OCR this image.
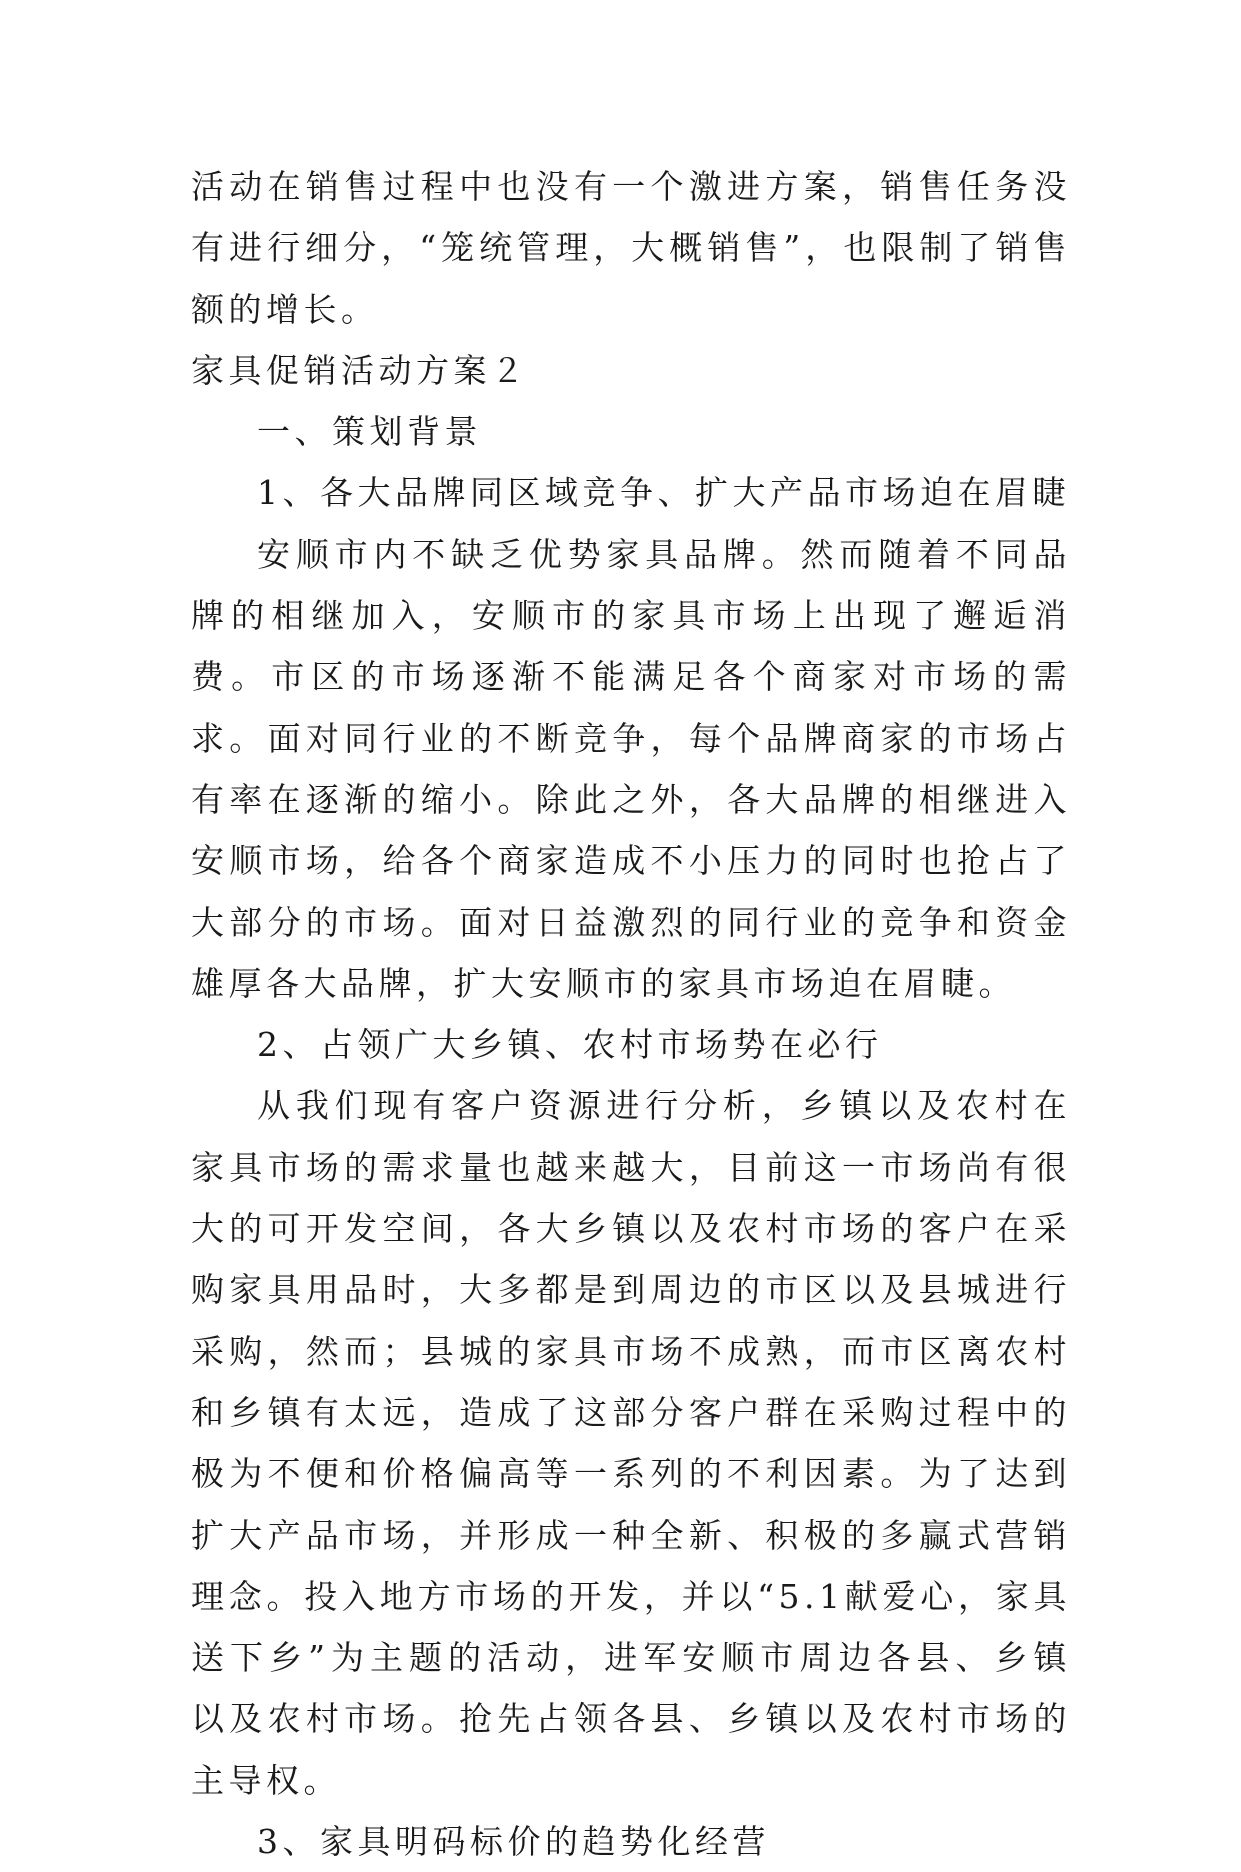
活动在销售过程中也没有一个激进方案，销售任务没有进行细分，“笼统管理，大概销售”，也限制了销售额的增长。

家具促销活动方案２

一、策划背景

1、各大品牌同区域竞争、扩大产品市场迫在眉睫

安顺市内不缺乏优势家具品牌。然而随着不同品牌的相继加入，安顺市的家具市场上出现了邂逅消费。市区的市场逐渐不能满足各个商家对市场的需求。面对同行业的不断竞争，每个品牌商家的市场占有率在逐渐的缩小。除此之外，各大品牌的相继进入安顺市场，给各个商家造成不小压力的同时也抢占了大部分的市场。面对日益激烈的同行业的竞争和资金雄厚各大品牌，扩大安顺市的家具市场迫在眉睫。

2、占领广大乡镇、农村市场势在必行

从我们现有客户资源进行分析，乡镇以及农村在家具市场的需求量也越来越大，目前这一市场尚有很大的可开发空间，各大乡镇以及农村市场的客户在采购家具用品时，大多都是到周边的市区以及县城进行采购，然而；县城的家具市场不成熟，而市区离农村和乡镇有太远，造成了这部分客户群在采购过程中的极为不便和价格偏高等一系列的不利因素。为了达到扩大产品市场，并形成一种全新、积极的多赢式营销理念。投入地方市场的开发，并以“5.1献爱心，家具送下乡”为主题的活动，进军安顺市周边各县、乡镇以及农村市场。抢先占领各县、乡镇以及农村市场的主导权。

3、家具明码标价的趋势化经营
